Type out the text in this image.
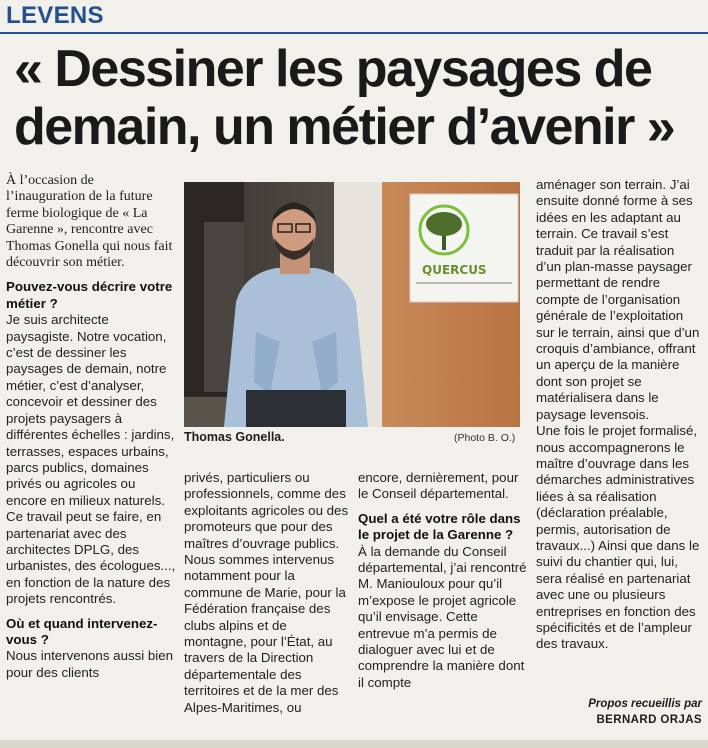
LEVENS
« Dessiner les paysages de demain, un métier d’avenir »

À l’occasion de l’inauguration de la future ferme biologique de « La Garenne », rencontre avec Thomas Gonella qui nous fait découvrir son métier.

Pouvez-vous décrire votre métier ?

Je suis architecte paysagiste. Notre vocation, c’est de dessiner les paysages de demain, notre métier, c’est d’analyser, concevoir et dessiner des projets paysagers à différentes échelles : jardins, terrasses, espaces urbains, parcs publics, domaines privés ou agricoles ou encore en milieux naturels. Ce travail peut se faire, en partenariat avec des architectes DPLG, des urbanistes, des écologues..., en fonction de la nature des projets rencontrés.

Où et quand intervenez-vous ?

Nous intervenons aussi bien pour des clients

QUERCUS
Thomas Gonella.	(Photo B. O.)

privés, particuliers ou professionnels, comme des exploitants agricoles ou des promoteurs que pour des maîtres d’ouvrage publics. Nous sommes intervenus notamment pour la commune de Marie, pour la Fédération française des clubs alpins et de montagne, pour l’État, au travers de la Direction départementale des territoires et de la mer des Alpes-Maritimes, ou

encore, dernièrement, pour le Conseil départemental.

Quel a été votre rôle dans le projet de la Garenne ?

À la demande du Conseil départemental, j’ai rencontré M. Maniouloux pour qu’il m’expose le projet agricole qu’il envisage. Cette entrevue m’a permis de dialoguer avec lui et de comprendre la manière dont il compte

aménager son terrain. J’ai ensuite donné forme à ses idées en les adaptant au terrain. Ce travail s’est traduit par la réalisation d’un plan-masse paysager permettant de rendre compte de l’organisation générale de l’exploitation sur le terrain, ainsi que d’un croquis d’ambiance, offrant un aperçu de la manière dont son projet se matérialisera dans le paysage levensois.

Une fois le projet formalisé, nous accompagnerons le maître d’ouvrage dans les démarches administratives liées à sa réalisation (déclaration préalable, permis, autorisation de travaux...) Ainsi que dans le suivi du chantier qui, lui, sera réalisé en partenariat avec une ou plusieurs entreprises en fonction des spécificités et de l’ampleur des travaux.

Propos recueillis par
BERNARD ORJAS
